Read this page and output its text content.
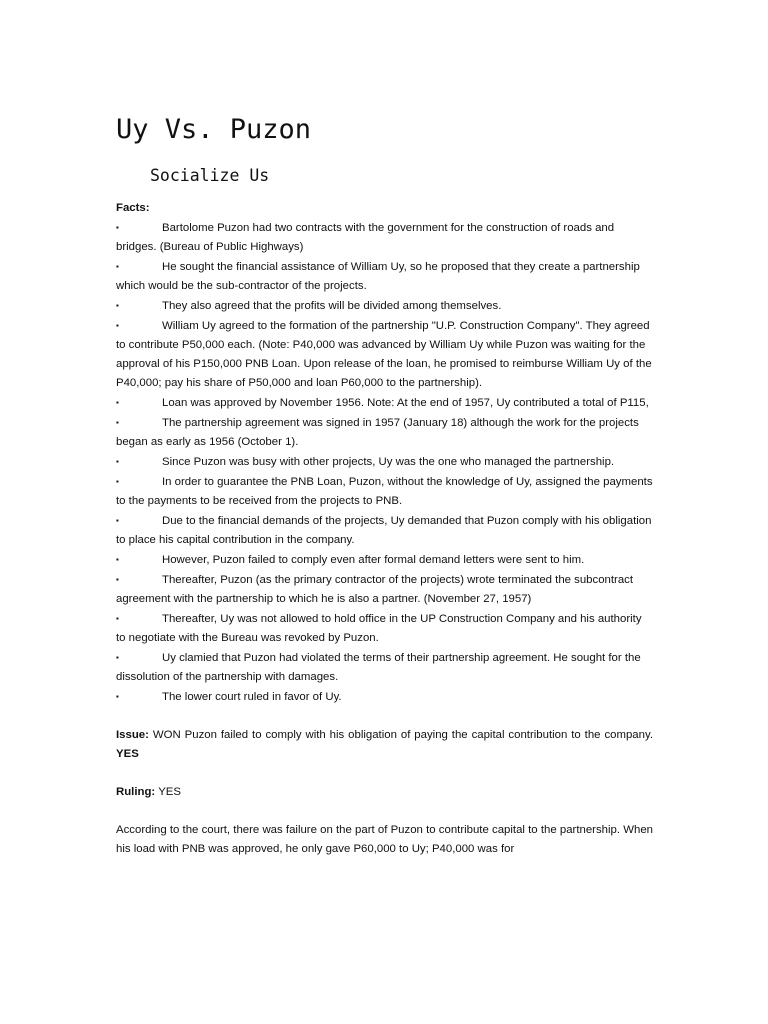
Uy Vs. Puzon
Socialize Us

Facts:

▪	Bartolome Puzon had two contracts with the government for the construction of roads and bridges. (Bureau of Public Highways)
▪	He sought the financial assistance of William Uy, so he proposed that they create a partnership which would be the sub-contractor of the projects.
▪	They also agreed that the profits will be divided among themselves.
▪	William Uy agreed to the formation of the partnership "U.P. Construction Company". They agreed to contribute P50,000 each. (Note: P40,000 was advanced by William Uy while Puzon was waiting for the approval of his P150,000 PNB Loan. Upon release of the loan, he promised to reimburse William Uy of the P40,000; pay his share of P50,000 and loan P60,000 to the partnership).
▪	Loan was approved by November 1956. Note: At the end of 1957, Uy contributed a total of P115,
▪	The partnership agreement was signed in 1957 (January 18) although the work for the projects began as early as 1956 (October 1).
▪	Since Puzon was busy with other projects, Uy was the one who managed the partnership.
▪	In order to guarantee the PNB Loan, Puzon, without the knowledge of Uy, assigned the payments to the payments to be received from the projects to PNB.
▪	Due to the financial demands of the projects, Uy demanded that Puzon comply with his obligation to place his capital contribution in the company.
▪	However, Puzon failed to comply even after formal demand letters were sent to him.
▪	Thereafter, Puzon (as the primary contractor of the projects) wrote terminated the subcontract agreement with the partnership to which he is also a partner. (November 27, 1957)
▪	Thereafter, Uy was not allowed to hold office in the UP Construction Company and his authority to negotiate with the Bureau was revoked by Puzon.
▪	Uy clamied that Puzon had violated the terms of their partnership agreement. He sought for the dissolution of the partnership with damages.
▪	The lower court ruled in favor of Uy.

Issue: WON Puzon failed to comply with his obligation of paying the capital contribution to the company. YES

Ruling: YES

According to the court, there was failure on the part of Puzon to contribute capital to the partnership. When his load with PNB was approved, he only gave P60,000 to Uy; P40,000 was for
